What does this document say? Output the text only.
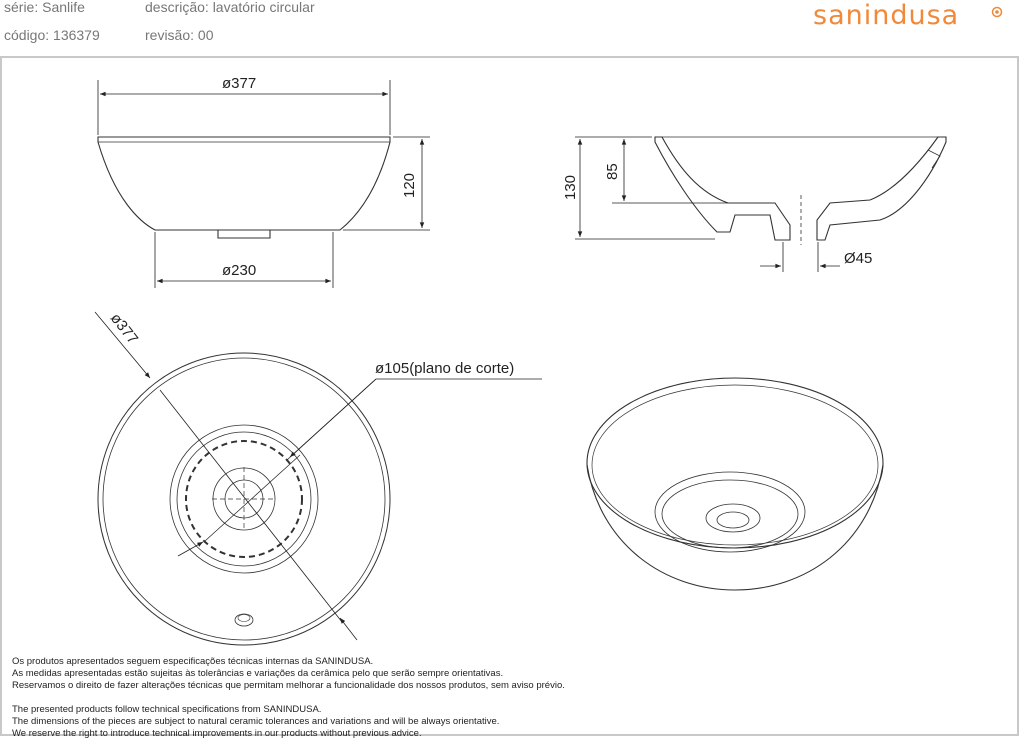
série: Sanlife
código: 136379
descrição: lavatório circular
revisão: 00
sanindusa
ø377
ø230
120	130
85
Ø45
ø377
ø105(plano de corte)
Os produtos apresentados seguem especificações técnicas internas da SANINDUSA.
As medidas apresentadas estão sujeitas às tolerâncias e variações da cerâmica pelo que serão sempre orientativas.
Reservamos o direito de fazer alterações técnicas que permitam melhorar a funcionalidade dos nossos produtos, sem aviso prévio.
The presented products follow technical specifications from SANINDUSA.
The dimensions of the pieces are subject to natural ceramic tolerances and variations and will be always orientative.
We reserve the right to introduce technical improvements in our products without previous advice.
